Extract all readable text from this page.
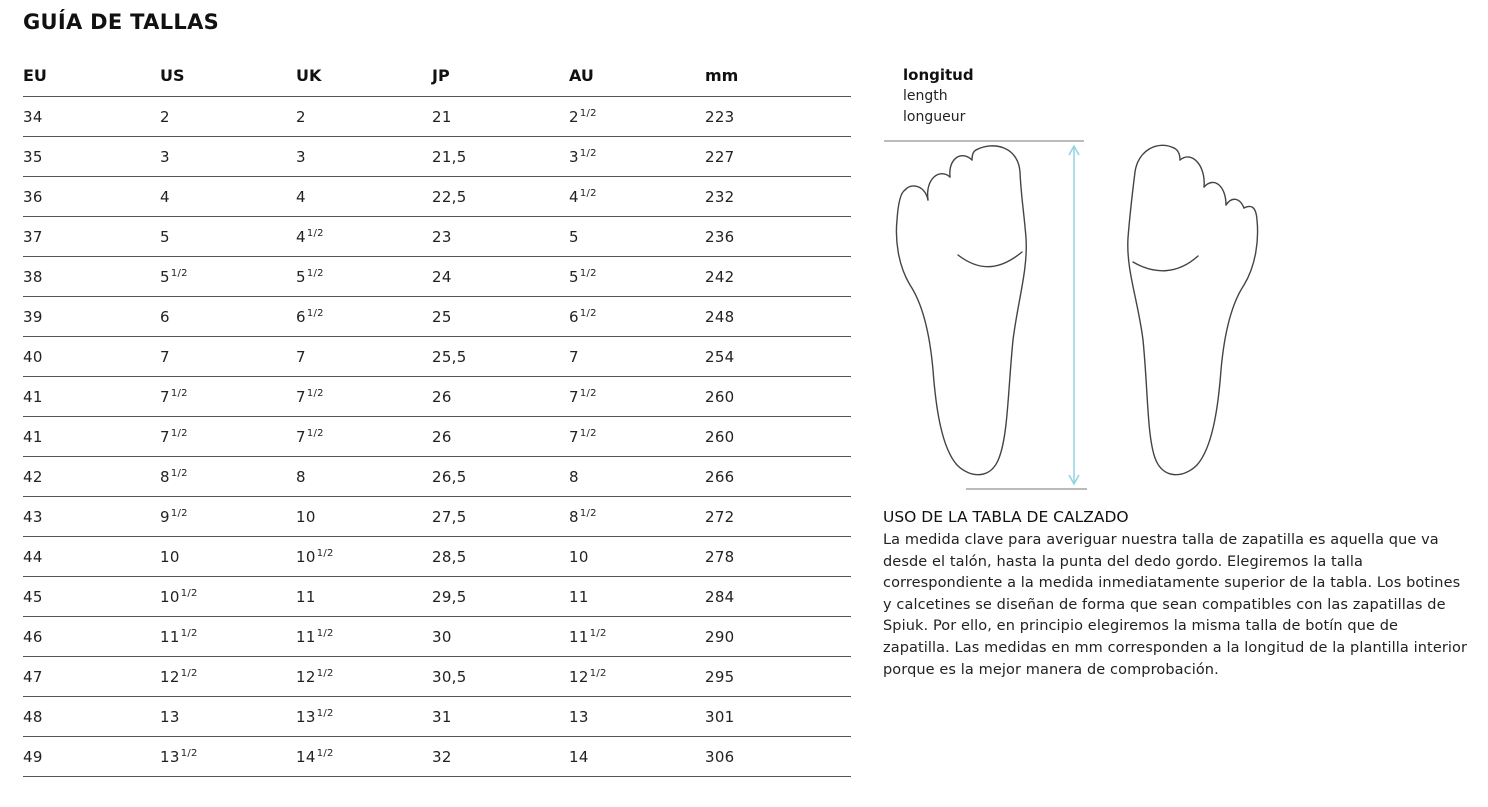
GUÍA DE TALLAS
EU	US	UK	JP	AU	mm
34	2	2	21	$2^{1/2}$	223
35	3	3	21,5	$3^{1/2}$	227
36	4	4	22,5	$4^{1/2}$	232
37	5	$4^{1/2}$	23	5	236
38	$5^{1/2}$	$5^{1/2}$	24	$5^{1/2}$	242
39	6	$6^{1/2}$	25	$6^{1/2}$	248
40	7	7	25,5	7	254
41	$7^{1/2}$	$7^{1/2}$	26	$7^{1/2}$	260
41	$7^{1/2}$	$7^{1/2}$	26	$7^{1/2}$	260
42	$8^{1/2}$	8	26,5	8	266
43	$9^{1/2}$	10	27,5	$8^{1/2}$	272
44	10	$10^{1/2}$	28,5	10	278
45	$10^{1/2}$	11	29,5	11	284
46	$11^{1/2}$	$11^{1/2}$	30	$11^{1/2}$	290
47	$12^{1/2}$	$12^{1/2}$	30,5	$12^{1/2}$	295
48	13	$13^{1/2}$	31	13	301
49	$13^{1/2}$	$14^{1/2}$	32	14	306
longitud
length
longueur
USO DE LA TABLA DE CALZADO
La medida clave para averiguar nuestra talla de zapatilla es aquella que va desde el talón, hasta la punta del dedo gordo. Elegiremos la talla correspondiente a la medida inmediatamente superior de la tabla. Los botines y calcetines se diseñan de forma que sean compatibles con las zapatillas de Spiuk. Por ello, en principio elegiremos la misma talla de botín que de zapatilla. Las medidas en mm corresponden a la longitud de la plantilla interior porque es la mejor manera de comprobación.
